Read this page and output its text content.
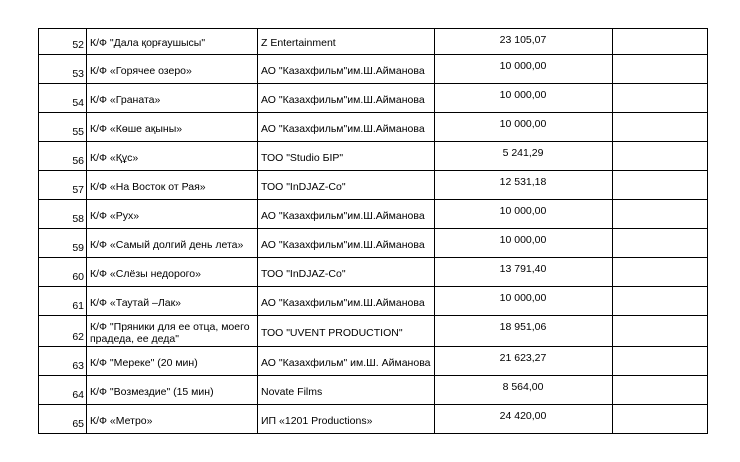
52	К/Ф "Дала қорғаушысы"	Z Entertainment	23 105,07	
53	К/Ф «Горячее озеро»	АО "Казахфильм"им.Ш.Айманова	10 000,00	
54	К/Ф «Граната»	АО "Казахфильм"им.Ш.Айманова	10 000,00	
55	К/Ф «Көше ақыны»	АО "Казахфильм"им.Ш.Айманова	10 000,00	
56	К/Ф «Құс»	ТОО "Studio БIР"	5 241,29	
57	К/Ф «На Восток от Рая»	ТОО "InDJAZ-Co"	12 531,18	
58	К/Ф «Рух»	АО "Казахфильм"им.Ш.Айманова	10 000,00	
59	К/Ф «Самый долгий день лета»	АО "Казахфильм"им.Ш.Айманова	10 000,00	
60	К/Ф «Слёзы недорого»	ТОО "InDJAZ-Co"	13 791,40	
61	К/Ф «Таутай –Лак»	АО "Казахфильм"им.Ш.Айманова	10 000,00	
62	К/Ф "Пряники для ее отца, моего прадеда, ее деда"	ТОО "UVENT PRODUCTION"	18 951,06	
63	К/Ф "Мереке" (20 мин)	АО "Казахфильм" им.Ш. Айманова	21 623,27	
64	К/Ф "Возмездие" (15 мин)	Novate Films	8 564,00	
65	К/Ф «Метро»	ИП «1201 Productions»	24 420,00	
